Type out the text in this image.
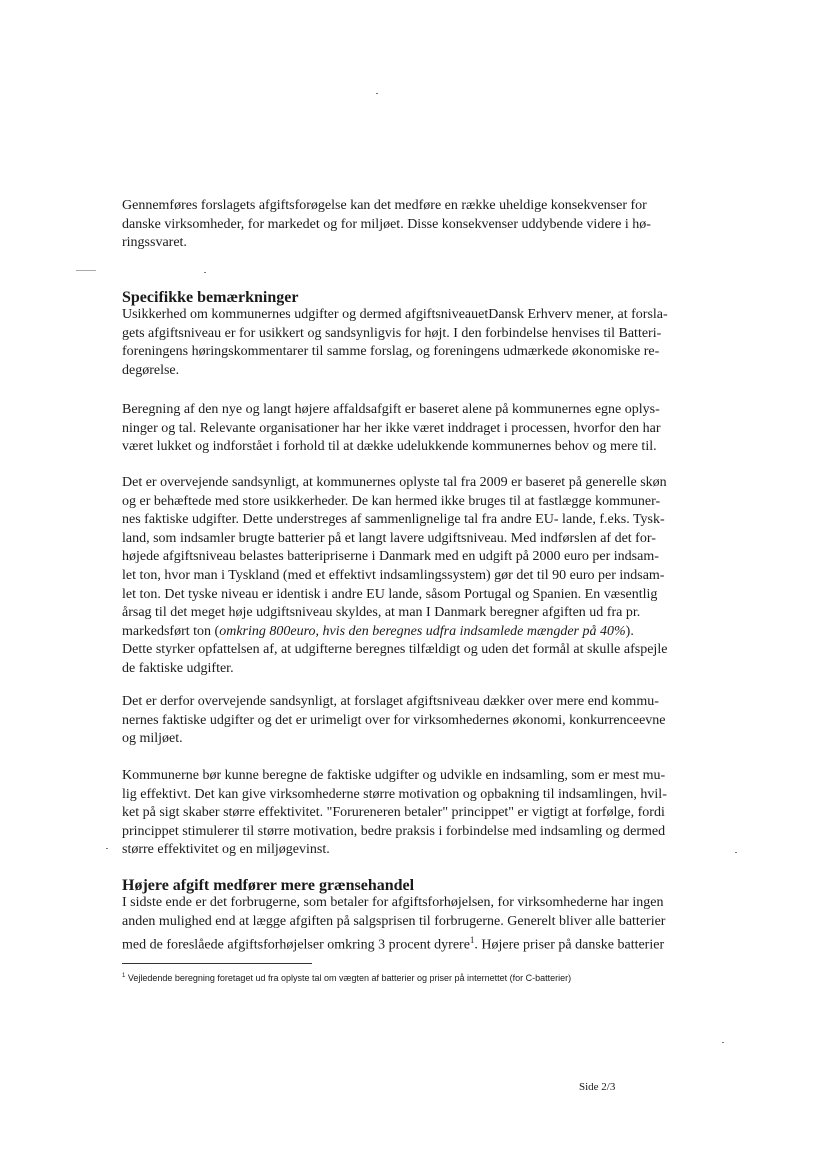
Gennemføres forslagets afgiftsforøgelse kan det medføre en række uheldige konsekvenser for
danske virksomheder, for markedet og for miljøet. Disse konsekvenser uddybende videre i hø-
ringssvaret.

Specifikke bemærkninger

Usikkerhed om kommunernes udgifter og dermed afgiftsniveauetDansk Erhverv mener, at forsla-
gets afgiftsniveau er for usikkert og sandsynligvis for højt. I den forbindelse henvises til Batteri-
foreningens høringskommentarer til samme forslag, og foreningens udmærkede økonomiske re-
degørelse.

Beregning af den nye og langt højere affaldsafgift er baseret alene på kommunernes egne oplys-
ninger og tal. Relevante organisationer har her ikke været inddraget i processen, hvorfor den har
været lukket og indforstået i forhold til at dække udelukkende kommunernes behov og mere til.

Det er overvejende sandsynligt, at kommunernes oplyste tal fra 2009 er baseret på generelle skøn
og er behæftede med store usikkerheder. De kan hermed ikke bruges til at fastlægge kommuner-
nes faktiske udgifter. Dette understreges af sammenlignelige tal fra andre EU- lande, f.eks. Tysk-
land, som indsamler brugte batterier på et langt lavere udgiftsniveau. Med indførslen af det for-
højede afgiftsniveau belastes batteripriserne i Danmark med en udgift på 2000 euro per indsam-
let ton, hvor man i Tyskland (med et effektivt indsamlingssystem) gør det til 90 euro per indsam-
let ton. Det tyske niveau er identisk i andre EU lande, såsom Portugal og Spanien. En væsentlig
årsag til det meget høje udgiftsniveau skyldes, at man I Danmark beregner afgiften ud fra pr.
markedsført ton (omkring 800euro, hvis den beregnes udfra indsamlede mængder på 40%).
Dette styrker opfattelsen af, at udgifterne beregnes tilfældigt og uden det formål at skulle afspejle
de faktiske udgifter.

Det er derfor overvejende sandsynligt, at forslaget afgiftsniveau dækker over mere end kommu-
nernes faktiske udgifter og det er urimeligt over for virksomhedernes økonomi, konkurrenceevne
og miljøet.

Kommunerne bør kunne beregne de faktiske udgifter og udvikle en indsamling, som er mest mu-
lig effektivt. Det kan give virksomhederne større motivation og opbakning til indsamlingen, hvil-
ket på sigt skaber større effektivitet. "Forureneren betaler" princippet" er vigtigt at forfølge, fordi
princippet stimulerer til større motivation, bedre praksis i forbindelse med indsamling og dermed
større effektivitet og en miljøgevinst.

Højere afgift medfører mere grænsehandel

I sidste ende er det forbrugerne, som betaler for afgiftsforhøjelsen, for virksomhederne har ingen
anden mulighed end at lægge afgiften på salgsprisen til forbrugerne. Generelt bliver alle batterier
med de foreslåede afgiftsforhøjelser omkring 3 procent dyrere$^1$. Højere priser på danske batterier

$^1$ Vejledende beregning foretaget ud fra oplyste tal om vægten af batterier og priser på internettet (for C-batterier)
Side 2/3
